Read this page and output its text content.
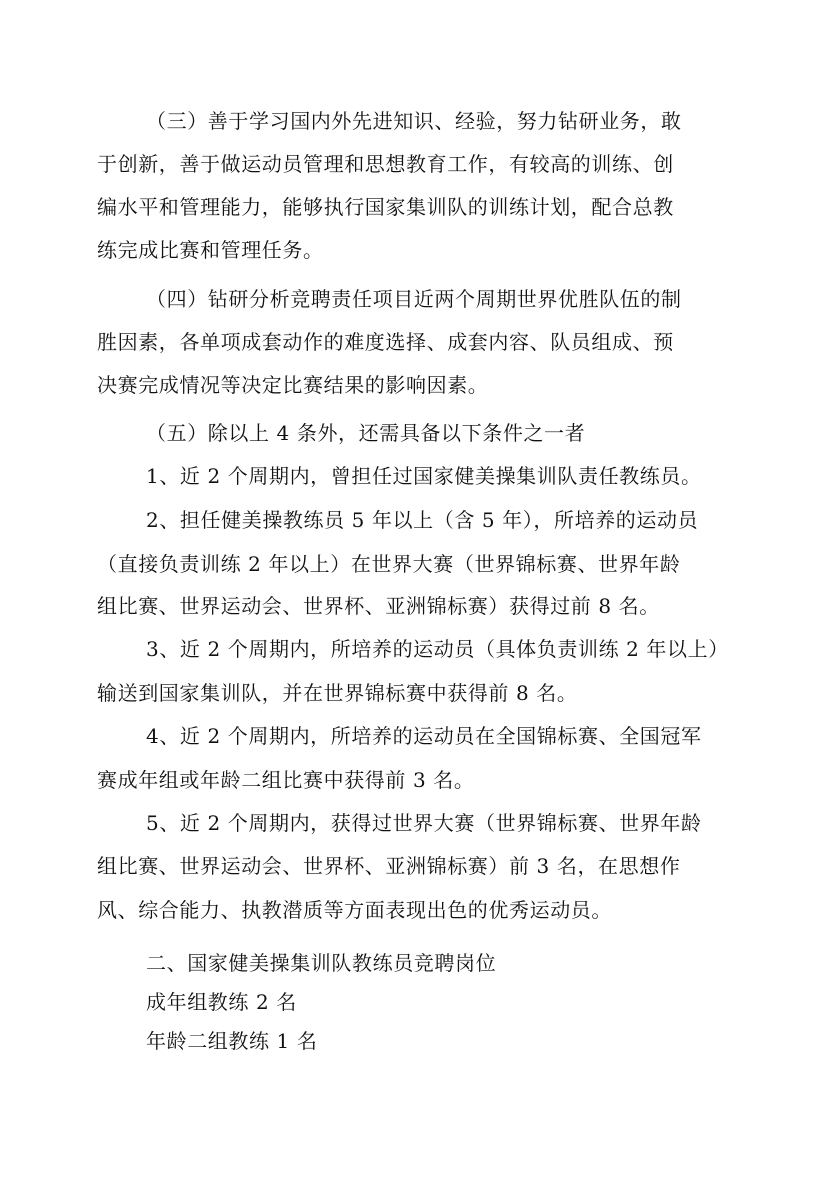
（三）善于学习国内外先进知识、经验，努力钻研业务，敢
于创新，善于做运动员管理和思想教育工作，有较高的训练、创
编水平和管理能力，能够执行国家集训队的训练计划，配合总教
练完成比赛和管理任务。
（四）钻研分析竞聘责任项目近两个周期世界优胜队伍的制
胜因素，各单项成套动作的难度选择、成套内容、队员组成、预
决赛完成情况等决定比赛结果的影响因素。
（五）除以上 4 条外，还需具备以下条件之一者
1、近 2 个周期内，曾担任过国家健美操集训队责任教练员。
2、担任健美操教练员 5 年以上（含 5 年），所培养的运动员
（直接负责训练 2 年以上）在世界大赛（世界锦标赛、世界年龄
组比赛、世界运动会、世界杯、亚洲锦标赛）获得过前 8 名。
3、近 2 个周期内，所培养的运动员（具体负责训练 2 年以上）
输送到国家集训队，并在世界锦标赛中获得前 8 名。
4、近 2 个周期内，所培养的运动员在全国锦标赛、全国冠军
赛成年组或年龄二组比赛中获得前 3 名。
5、近 2 个周期内，获得过世界大赛（世界锦标赛、世界年龄
组比赛、世界运动会、世界杯、亚洲锦标赛）前 3 名，在思想作
风、综合能力、执教潜质等方面表现出色的优秀运动员。
二、国家健美操集训队教练员竞聘岗位
成年组教练 2 名
年龄二组教练 1 名
